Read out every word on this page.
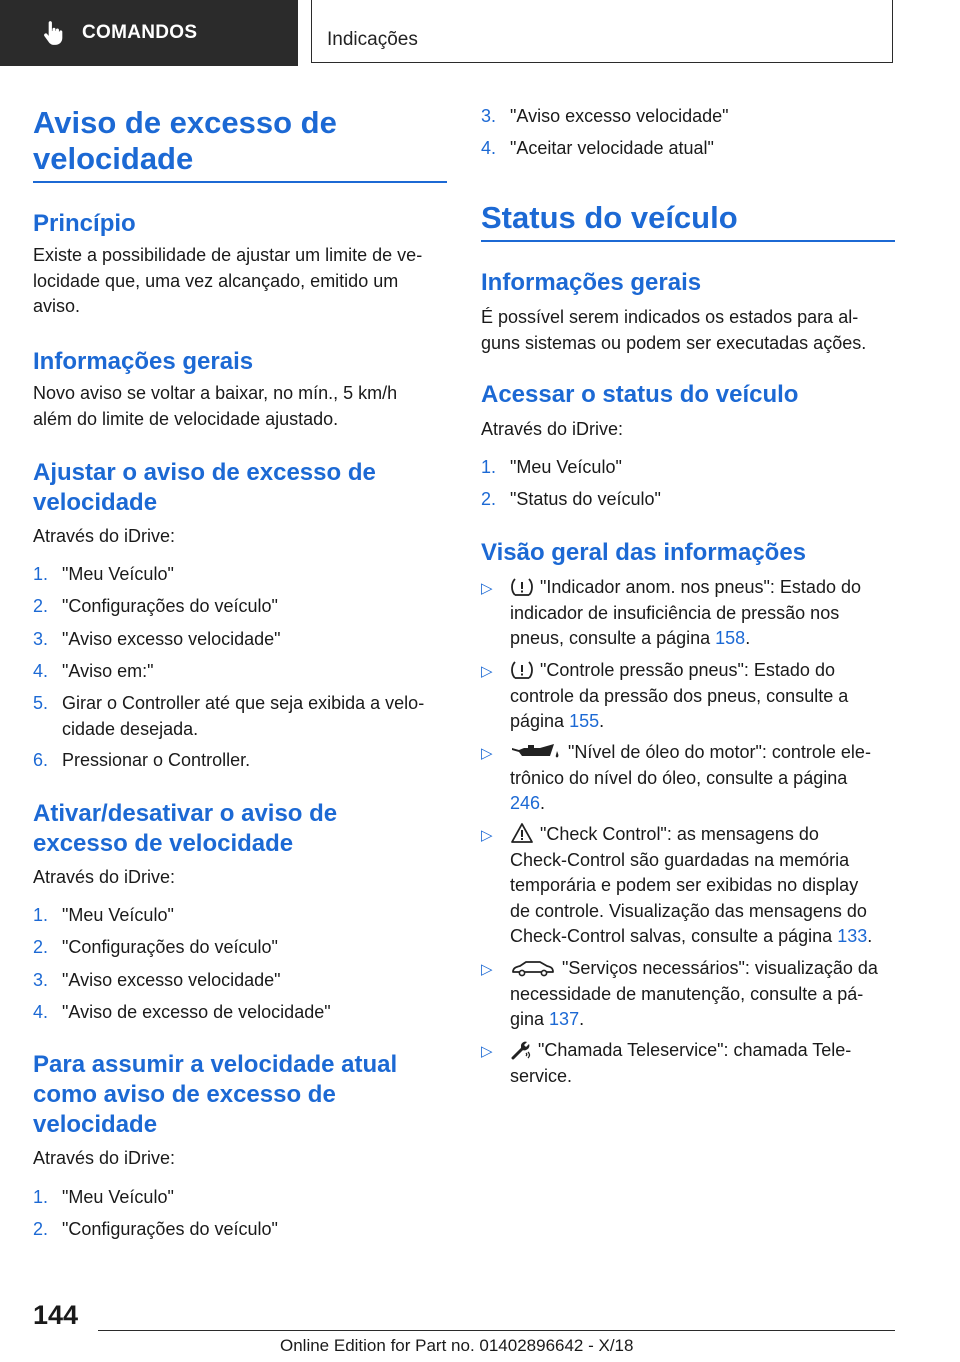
COMANDOS	Indicações
Aviso de excesso de velocidade
Princípio
Existe a possibilidade de ajustar um limite de ve-
locidade que, uma vez alcançado, emitido um
aviso.
Informações gerais
Novo aviso se voltar a baixar, no mín., 5 km/h
além do limite de velocidade ajustado.
Ajustar o aviso de excesso de
velocidade
Através do iDrive:
1. "Meu Veículo"
2. "Configurações do veículo"
3. "Aviso excesso velocidade"
4. "Aviso em:"
5. Girar o Controller até que seja exibida a velo-
cidade desejada.
6. Pressionar o Controller.
Ativar/desativar o aviso de
excesso de velocidade
Através do iDrive:
1. "Meu Veículo"
2. "Configurações do veículo"
3. "Aviso excesso velocidade"
4. "Aviso de excesso de velocidade"
Para assumir a velocidade atual
como aviso de excesso de
velocidade
Através do iDrive:
1. "Meu Veículo"
2. "Configurações do veículo"
3. "Aviso excesso velocidade"
4. "Aceitar velocidade atual"
Status do veículo
Informações gerais
É possível serem indicados os estados para al-
guns sistemas ou podem ser executadas ações.
Acessar o status do veículo
Através do iDrive:
1. "Meu Veículo"
2. "Status do veículo"
Visão geral das informações
▷	"Indicador anom. nos pneus": Estado do
indicador de insuficiência de pressão nos
pneus, consulte a página 158.
▷	"Controle pressão pneus": Estado do
controle da pressão dos pneus, consulte a
página 155.
▷	"Nível de óleo do motor": controle ele-
trônico do nível do óleo, consulte a página
246.
▷	"Check Control": as mensagens do
Check-Control são guardadas na memória
temporária e podem ser exibidas no display
de controle. Visualização das mensagens do
Check-Control salvas, consulte a página 133.
▷	"Serviços necessários": visualização da
necessidade de manutenção, consulte a pá-
gina 137.
▷	"Chamada Teleservice": chamada Tele-
service.
144
Online Edition for Part no. 01402896642 - X/18
